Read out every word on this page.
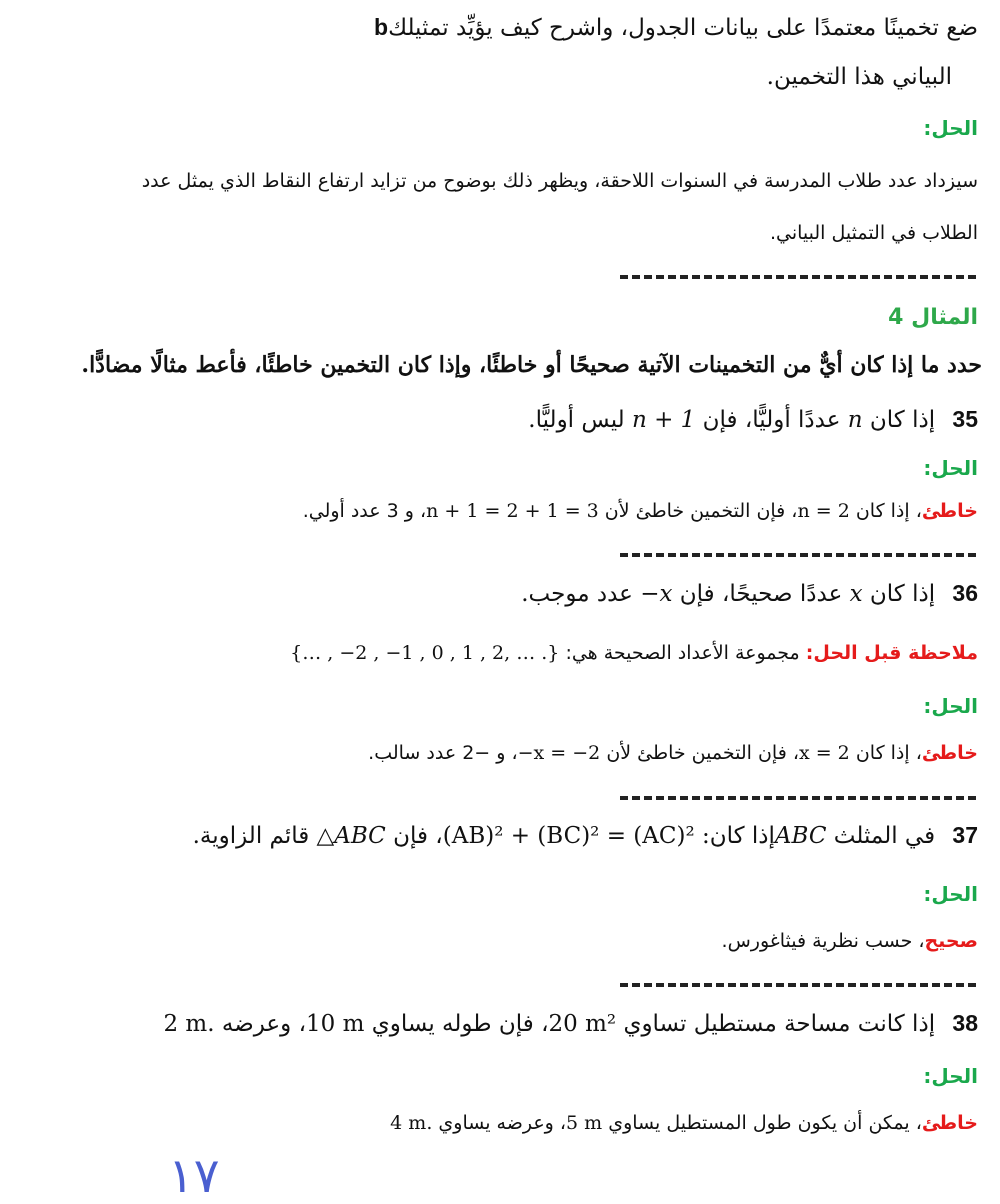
bضع تخمينًا معتمدًا على بيانات الجدول، واشرح كيف يؤيِّد تمثيلك
البياني هذا التخمين.
الحل:
سيزداد عدد طلاب المدرسة في السنوات اللاحقة، ويظهر ذلك بوضوح من تزايد ارتفاع النقاط الذي يمثل عدد
الطلاب في التمثيل البياني.
المثال 4
حدد ما إذا كان أيٌّ من التخمينات الآتية صحيحًا أو خاطئًا، وإذا كان التخمين خاطئًا، فأعط مثالًا مضادًّا.
35 إذا كان n عددًا أوليًّا، فإن n + 1 ليس أوليًّا.
الحل:
خاطئ، إذا كان n = 2، فإن التخمين خاطئ لأن n + 1 = 2 + 1 = 3، و 3 عدد أولي.
36 إذا كان x عددًا صحيحًا، فإن −x عدد موجب.
ملاحظة قبل الحل: مجموعة الأعداد الصحيحة هي: {… , −2 , −1 , 0 , 1 , 2, … .}
الحل:
خاطئ، إذا كان x = 2، فإن التخمين خاطئ لأن −x = −2، و −2 عدد سالب.
37 في المثلث ABCإذا كان: (AB)² + (BC)² = (AC)²، فإن △ABC قائم الزاوية.
الحل:
صحيح، حسب نظرية فيثاغورس.
38 إذا كانت مساحة مستطيل تساوي 20 m²، فإن طوله يساوي 10 m، وعرضه 2 m.
الحل:
خاطئ، يمكن أن يكون طول المستطيل يساوي 5 m، وعرضه يساوي 4 m.
١٧
